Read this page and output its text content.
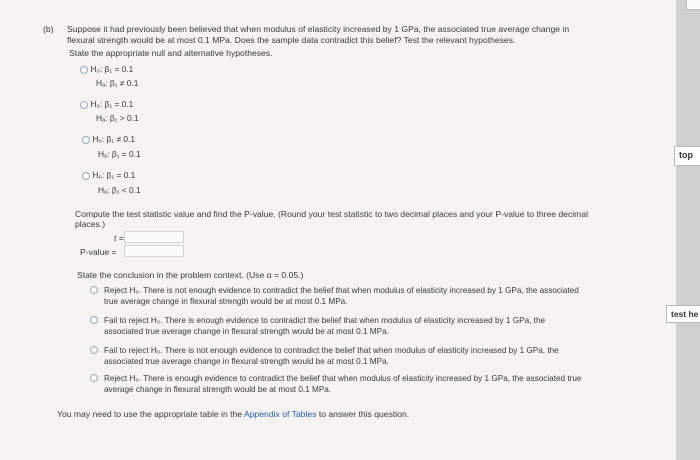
(b) Suppose it had previously been believed that when modulus of elasticity increased by 1 GPa, the associated true average change in
flexural strength would be at most 0.1 MPa. Does the sample data contradict this belief? Test the relevant hypotheses.
State the appropriate null and alternative hypotheses.
H₀: β₁ = 0.1
Hₐ: β₁ ≠ 0.1
H₀: β₁ = 0.1
Hₐ: β₁ > 0.1
H₀: β₁ ≠ 0.1
Hₐ: β₁ = 0.1
H₀: β₁ = 0.1
Hₐ: β₁ < 0.1
Compute the test statistic value and find the P-value. (Round your test statistic to two decimal places and your P-value to three decimal
places.)
t =
P-value =
State the conclusion in the problem context. (Use α = 0.05.)
Reject H₀. There is not enough evidence to contradict the belief that when modulus of elasticity increased by 1 GPa, the associated
true average change in flexural strength would be at most 0.1 MPa.
Fail to reject H₀. There is enough evidence to contradict the belief that when modulus of elasticity increased by 1 GPa, the
associated true average change in flexural strength would be at most 0.1 MPa.
Fail to reject H₀. There is not enough evidence to contradict the belief that when modulus of elasticity increased by 1 GPa, the
associated true average change in flexural strength would be at most 0.1 MPa.
Reject H₀. There is enough evidence to contradict the belief that when modulus of elasticity increased by 1 GPa, the associated true
average change in flexural strength would be at most 0.1 MPa.
You may need to use the appropriate table in the Appendix of Tables to answer this question.
top
test he
